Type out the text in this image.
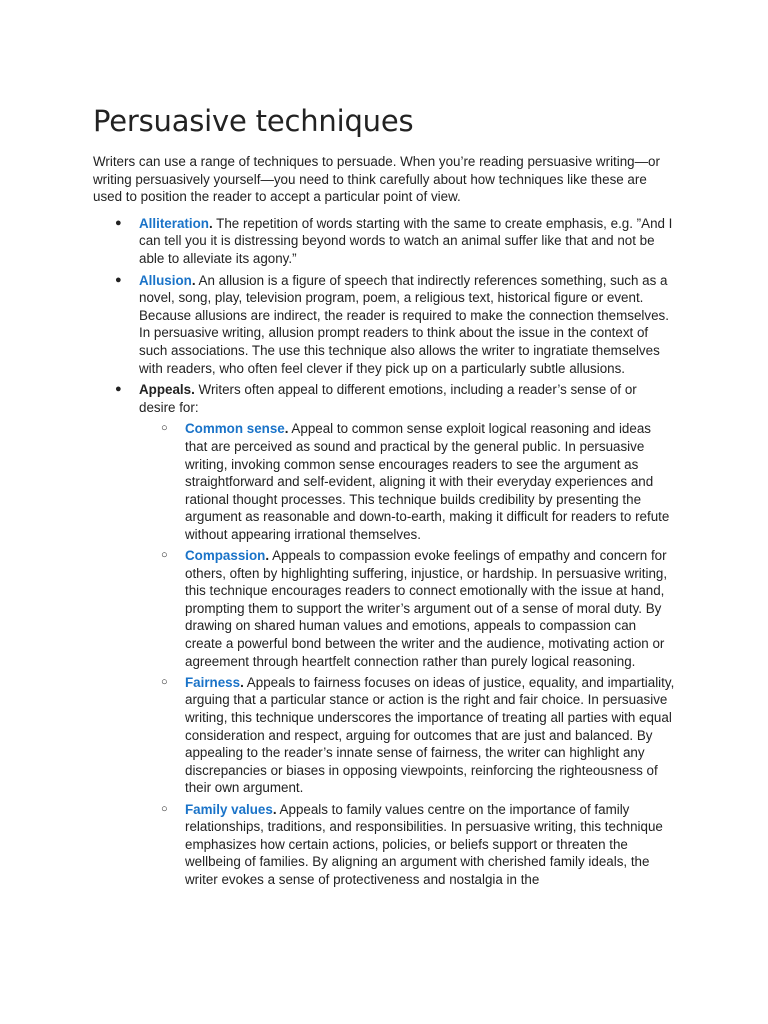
Persuasive techniques

Writers can use a range of techniques to persuade. When you’re reading persuasive writing—or writing persuasively yourself—you need to think carefully about how techniques like these are used to position the reader to accept a particular point of view.

● Alliteration. The repetition of words starting with the same to create emphasis, e.g. ”And I can tell you it is distressing beyond words to watch an animal suffer like that and not be able to alleviate its agony.”
● Allusion. An allusion is a figure of speech that indirectly references something, such as a novel, song, play, television program, poem, a religious text, historical figure or event. Because allusions are indirect, the reader is required to make the connection themselves. In persuasive writing, allusion prompt readers to think about the issue in the context of such associations. The use this technique also allows the writer to ingratiate themselves with readers, who often feel clever if they pick up on a particularly subtle allusions.
● Appeals. Writers often appeal to different emotions, including a reader’s sense of or desire for:
○ Common sense. Appeal to common sense exploit logical reasoning and ideas that are perceived as sound and practical by the general public. In persuasive writing, invoking common sense encourages readers to see the argument as straightforward and self-evident, aligning it with their everyday experiences and rational thought processes. This technique builds credibility by presenting the argument as reasonable and down-to-earth, making it difficult for readers to refute without appearing irrational themselves.
○ Compassion. Appeals to compassion evoke feelings of empathy and concern for others, often by highlighting suffering, injustice, or hardship. In persuasive writing, this technique encourages readers to connect emotionally with the issue at hand, prompting them to support the writer’s argument out of a sense of moral duty. By drawing on shared human values and emotions, appeals to compassion can create a powerful bond between the writer and the audience, motivating action or agreement through heartfelt connection rather than purely logical reasoning.
○ Fairness. Appeals to fairness focuses on ideas of justice, equality, and impartiality, arguing that a particular stance or action is the right and fair choice. In persuasive writing, this technique underscores the importance of treating all parties with equal consideration and respect, arguing for outcomes that are just and balanced. By appealing to the reader’s innate sense of fairness, the writer can highlight any discrepancies or biases in opposing viewpoints, reinforcing the righteousness of their own argument.
○ Family values. Appeals to family values centre on the importance of family relationships, traditions, and responsibilities. In persuasive writing, this technique emphasizes how certain actions, policies, or beliefs support or threaten the wellbeing of families. By aligning an argument with cherished family ideals, the writer evokes a sense of protectiveness and nostalgia in the
